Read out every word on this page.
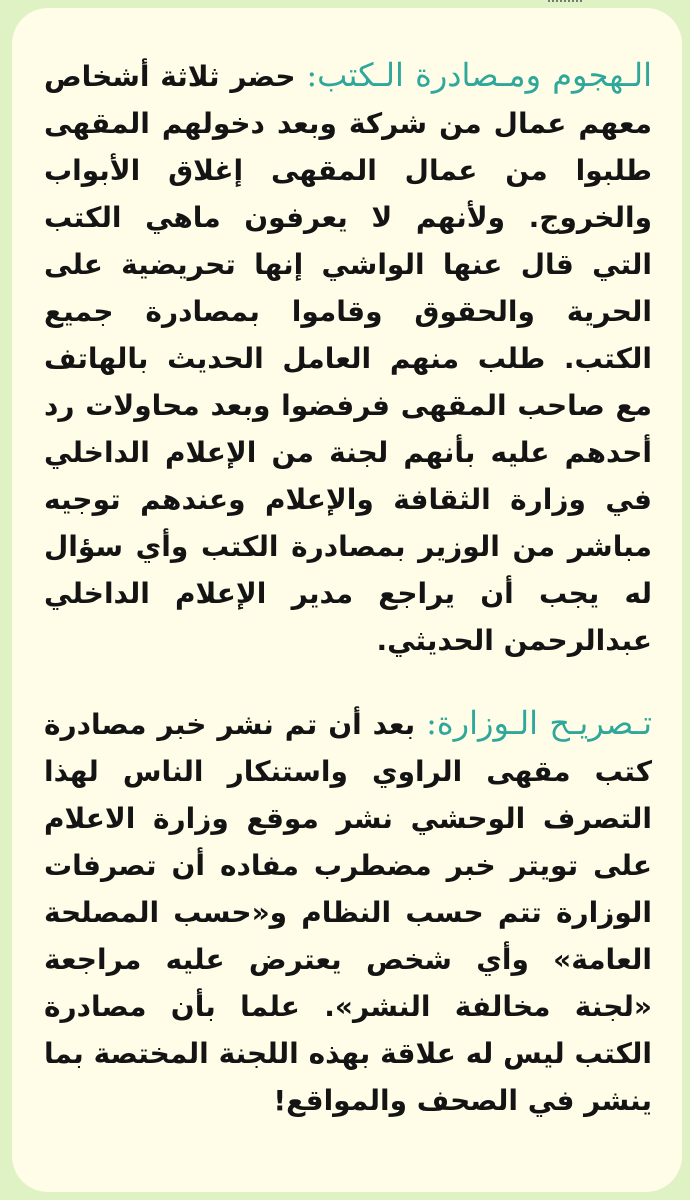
الـهجوم ومـصادرة الـكتب: حضر ثلاثة أشخاص معهم عمال من شركة وبعد دخولهم المقهى طلبوا من عمال المقهى إغلاق الأبواب والخروج. ولأنهم لا يعرفون ماهي الكتب التي قال عنها الواشي إنها تحريضية على الحرية والحقوق وقاموا بمصادرة جميع الكتب. طلب منهم العامل الحديث بالهاتف مع صاحب المقهى فرفضوا وبعد محاولات رد أحدهم عليه بأنهم لجنة من الإعلام الداخلي في وزارة الثقافة والإعلام وعندهم توجيه مباشر من الوزير بمصادرة الكتب وأي سؤال له يجب أن يراجع مدير الإعلام الداخلي عبدالرحمن الحديثي.

تـصريـح الـوزارة: بعد أن تم نشر خبر مصادرة كتب مقهى الراوي واستنكار الناس لهذا التصرف الوحشي نشر موقع وزارة الاعلام على تويتر خبر مضطرب مفاده أن تصرفات الوزارة تتم حسب النظام و«حسب المصلحة العامة» وأي شخص يعترض عليه مراجعة «لجنة مخالفة النشر». علما بأن مصادرة الكتب ليس له علاقة بهذه اللجنة المختصة بما ينشر في الصحف والمواقع!
